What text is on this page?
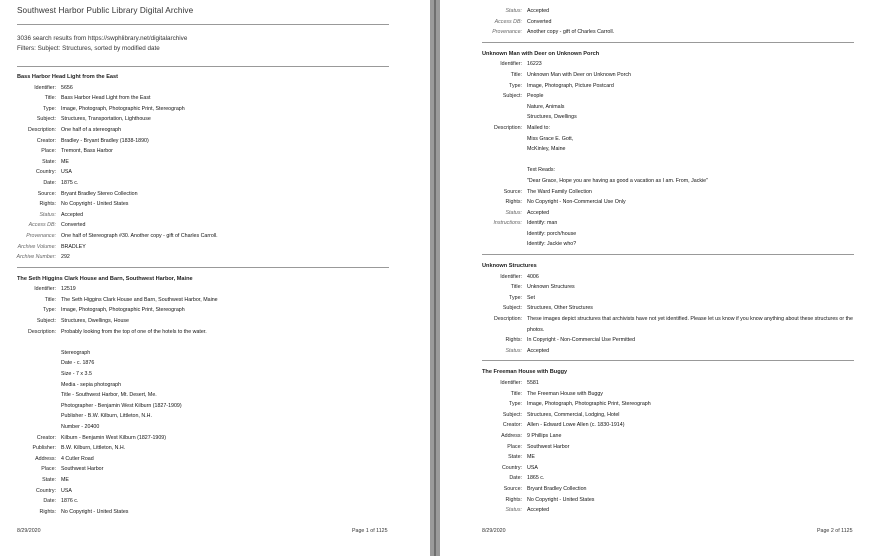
Southwest Harbor Public Library Digital Archive
3036 search results from https://swphlibrary.net/digitalarchive
Filters: Subject: Structures, sorted by modified date
Bass Harbor Head Light from the East
Identifier: 5656
Title: Bass Harbor Head Light from the East
Type: Image, Photograph, Photographic Print, Stereograph
Subject: Structures, Transportation, Lighthouse
Description: One half of a stereograph
Creator: Bradley - Bryant Bradley (1838-1890)
Place: Tremont, Bass Harbor
State: ME
Country: USA
Date: 1875 c.
Source: Bryant Bradley Stereo Collection
Rights: No Copyright - United States
Status: Accepted
Access DB: Converted
Provenance: One half of Stereograph #30. Another copy - gift of Charles Carroll.
Archive Volume: BRADLEY
Archive Number: 292
The Seth Higgins Clark House and Barn, Southwest Harbor, Maine
Identifier: 12519
Title: The Seth Higgins Clark House and Barn, Southwest Harbor, Maine
Type: Image, Photograph, Photographic Print, Stereograph
Subject: Structures, Dwellings, House
Description: Probably looking from the top of one of the hotels to the water.

Stereograph
Date - c. 1876
Size - 7 x 3.5
Media - sepia photograph
Title - Southwest Harbor, Mt. Desert, Me.
Photographer - Benjamin West Kilburn (1827-1909)
Publisher - B.W. Kilburn, Littleton, N.H.
Number - 20400
Creator: Kilburn - Benjamin West Kilburn (1827-1909)
Publisher: B.W. Kilburn, Littleton, N.H.
Address: 4 Cutler Road
Place: Southwest Harbor
State: ME
Country: USA
Date: 1876 c.
Rights: No Copyright - United States
8/29/2020	Page 1 of 1125
Status: Accepted
Access DB: Converted
Provenance: Another copy - gift of Charles Carroll.
Unknown Man with Deer on Unknown Porch
Identifier: 16223
Title: Unknown Man with Deer on Unknown Porch
Type: Image, Photograph, Picture Postcard
Subject: People
Nature, Animals
Structures, Dwellings
Description: Mailed to:
Miss Grace E. Gott,
McKinley, Maine

Text Reads:
"Dear Grace, Hope you are having as good a vacation as I am. From, Jackie"
Source: The Ward Family Collection
Rights: No Copyright - Non-Commercial Use Only
Status: Accepted
Instructions: Identify: man
Identify: porch/house
Identify: Jackie who?
Unknown Structures
Identifier: 4006
Title: Unknown Structures
Type: Set
Subject: Structures, Other Structures
Description: These images depict structures that archivists have not yet identified. Please let us know if you know anything about these structures or the photos.
Rights: In Copyright - Non-Commercial Use Permitted
Status: Accepted
The Freeman House with Buggy
Identifier: 5581
Title: The Freeman House with Buggy
Type: Image, Photograph, Photographic Print, Stereograph
Subject: Structures, Commercial, Lodging, Hotel
Creator: Allen - Edward Lowe Allen (c. 1830-1914)
Address: 9 Phillips Lane
Place: Southwest Harbor
State: ME
Country: USA
Date: 1865 c.
Source: Bryant Bradley Collection
Rights: No Copyright - United States
Status: Accepted
8/29/2020	Page 2 of 1125
